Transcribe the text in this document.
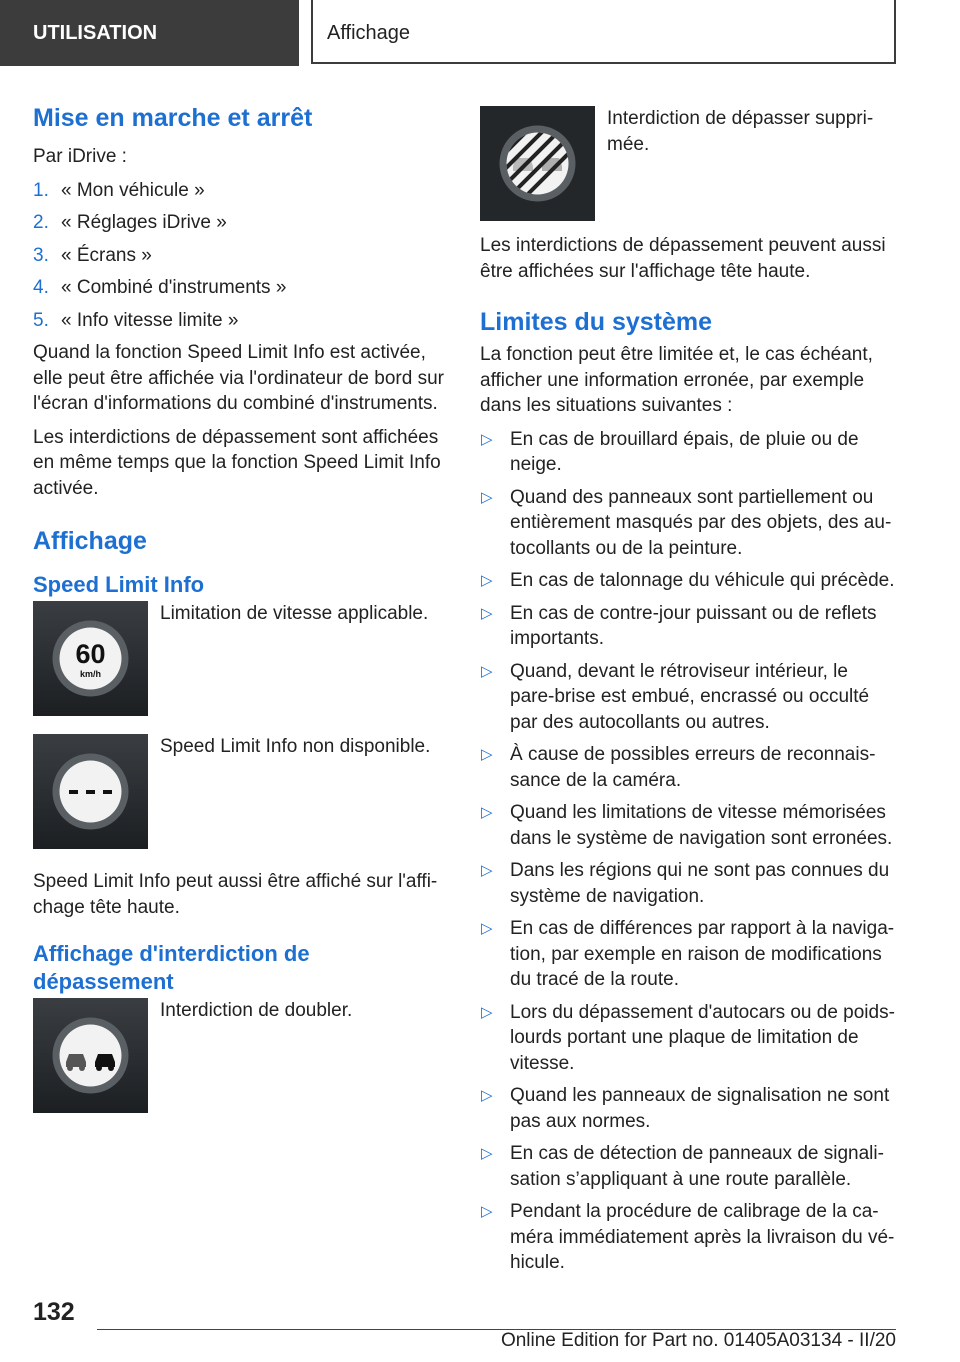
UTILISATION	Affichage
Mise en marche et arrêt

Par iDrive :

1. « Mon véhicule »
2. « Réglages iDrive »
3. « Écrans »
4. « Combiné d'instruments »
5. « Info vitesse limite »

Quand la fonction Speed Limit Info est activée, elle peut être affichée via l'ordinateur de bord sur l'écran d'informations du combiné d'instruments.

Les interdictions de dépassement sont affichées en même temps que la fonction Speed Limit Info activée.

Affichage
Speed Limit Info
60
km/h
Limitation de vitesse applicable.
Speed Limit Info non disponible.

Speed Limit Info peut aussi être affiché sur l'affi-chage tête haute.

Affichage d'interdiction de dépassement
Interdiction de doubler.
Interdiction de dépasser suppri-mée.

Les interdictions de dépassement peuvent aussi être affichées sur l'affichage tête haute.

Limites du système

La fonction peut être limitée et, le cas échéant, afficher une information erronée, par exemple dans les situations suivantes :

▷ En cas de brouillard épais, de pluie ou de neige.
▷ Quand des panneaux sont partiellement ou entièrement masqués par des objets, des au-tocollants ou de la peinture.
▷ En cas de talonnage du véhicule qui précède.
▷ En cas de contre-jour puissant ou de reflets importants.
▷ Quand, devant le rétroviseur intérieur, le pare-brise est embué, encrassé ou occulté par des autocollants ou autres.
▷ À cause de possibles erreurs de reconnais-sance de la caméra.
▷ Quand les limitations de vitesse mémorisées dans le système de navigation sont erronées.
▷ Dans les régions qui ne sont pas connues du système de navigation.
▷ En cas de différences par rapport à la naviga-tion, par exemple en raison de modifications du tracé de la route.
▷ Lors du dépassement d'autocars ou de poids-lourds portant une plaque de limitation de vitesse.
▷ Quand les panneaux de signalisation ne sont pas aux normes.
▷ En cas de détection de panneaux de signali-sation s’appliquant à une route parallèle.
▷ Pendant la procédure de calibrage de la ca-méra immédiatement après la livraison du vé-hicule.
132
Online Edition for Part no. 01405A03134 - II/20
